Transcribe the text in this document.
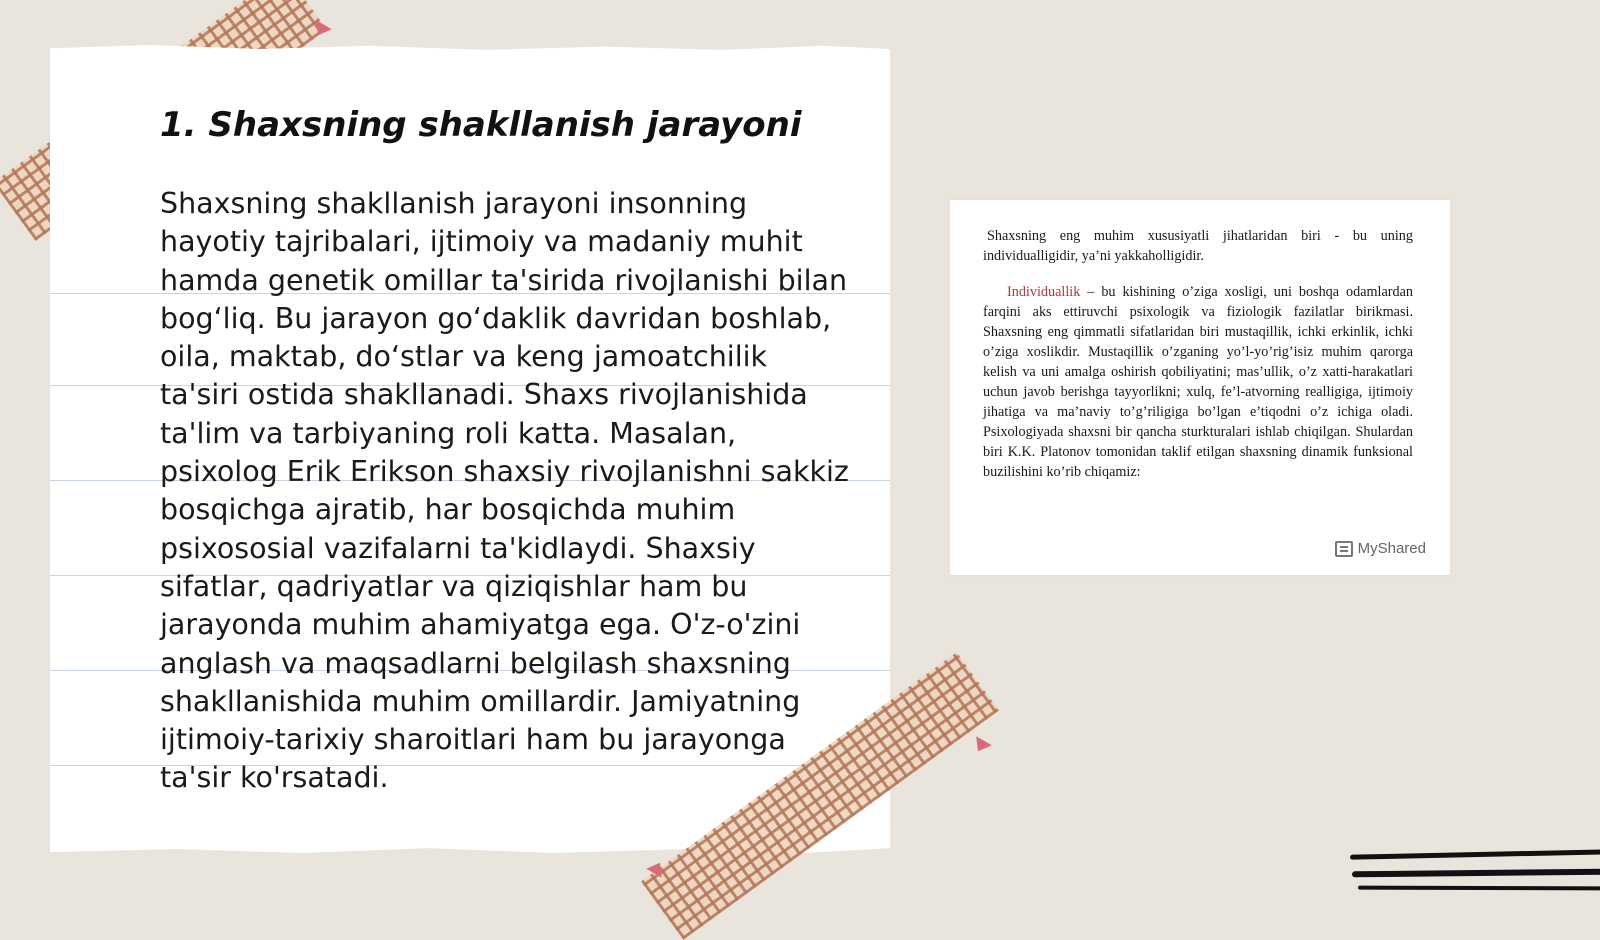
1. Shaxsning shakllanish jarayoni

Shaxsning shakllanish jarayoni insonning hayotiy tajribalari, ijtimoiy va madaniy muhit hamda genetik omillar ta'sirida rivojlanishi bilan bog‘liq. Bu jarayon go‘daklik davridan boshlab, oila, maktab, do‘stlar va keng jamoatchilik ta'siri ostida shakllanadi. Shaxs rivojlanishida ta'lim va tarbiyaning roli katta. Masalan, psixolog Erik Erikson shaxsiy rivojlanishni sakkiz bosqichga ajratib, har bosqichda muhim psixososial vazifalarni ta'kidlaydi. Shaxsiy sifatlar, qadriyatlar va qiziqishlar ham bu jarayonda muhim ahamiyatga ega. O'z-o'zini anglash va maqsadlarni belgilash shaxsning shakllanishida muhim omillardir. Jamiyatning ijtimoiy-tarixiy sharoitlari ham bu jarayonga ta'sir ko'rsatadi.

Shaxsning eng muhim xususiyatli jihatlaridan biri - bu uning individualligidir, ya’ni yakkaholligidir.

Individuallik – bu kishining o’ziga xosligi, uni boshqa odamlardan farqini aks ettiruvchi psixologik va fiziologik fazilatlar birikmasi. Shaxsning eng qimmatli sifatlaridan biri mustaqillik, ichki erkinlik, ichki o’ziga xoslikdir. Mustaqillik o’zganing yo’l-yo’rig’isiz muhim qarorga kelish va uni amalga oshirish qobiliyatini; mas’ullik, o’z xatti-harakatlari uchun javob berishga tayyorlikni; xulq, fe’l-atvorning realligiga, ijtimoiy jihatiga va ma’naviy to’g’riligiga bo’lgan e’tiqodni o’z ichiga oladi. Psixologiyada shaxsni bir qancha sturkturalari ishlab chiqilgan. Shulardan biri K.K. Platonov tomonidan taklif etilgan shaxsning dinamik funksional buzilishini ko’rib chiqamiz:

MyShared
